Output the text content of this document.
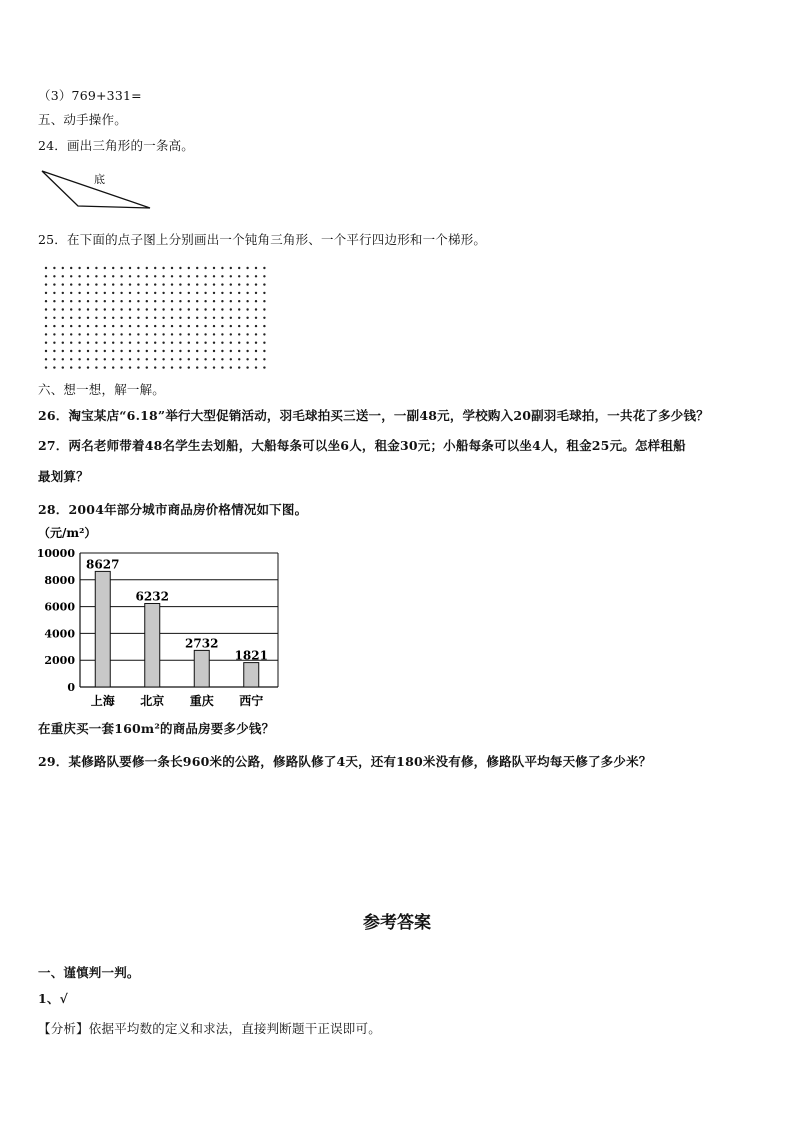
（3）769+331=
五、动手操作。
24．画出三角形的一条高。
底
25．在下面的点子图上分别画出一个钝角三角形、一个平行四边形和一个梯形。
六、想一想，解一解。
26．淘宝某店“6.18”举行大型促销活动，羽毛球拍买三送一，一副48元，学校购入20副羽毛球拍，一共花了多少钱？
27．两名老师带着48名学生去划船，大船每条可以坐6人，租金30元；小船每条可以坐4人，租金25元。怎样租船
最划算？
28．2004年部分城市商品房价格情况如下图。
（元/m²）
8627
6232
2732
1821
10000
8000
6000
4000
2000
0
上海 北京 重庆 西宁
在重庆买一套160m²的商品房要多少钱？
29．某修路队要修一条长960米的公路，修路队修了4天，还有180米没有修，修路队平均每天修了多少米？
参考答案
一、谨慎判一判。
1、√
【分析】依据平均数的定义和求法，直接判断题干正误即可。
